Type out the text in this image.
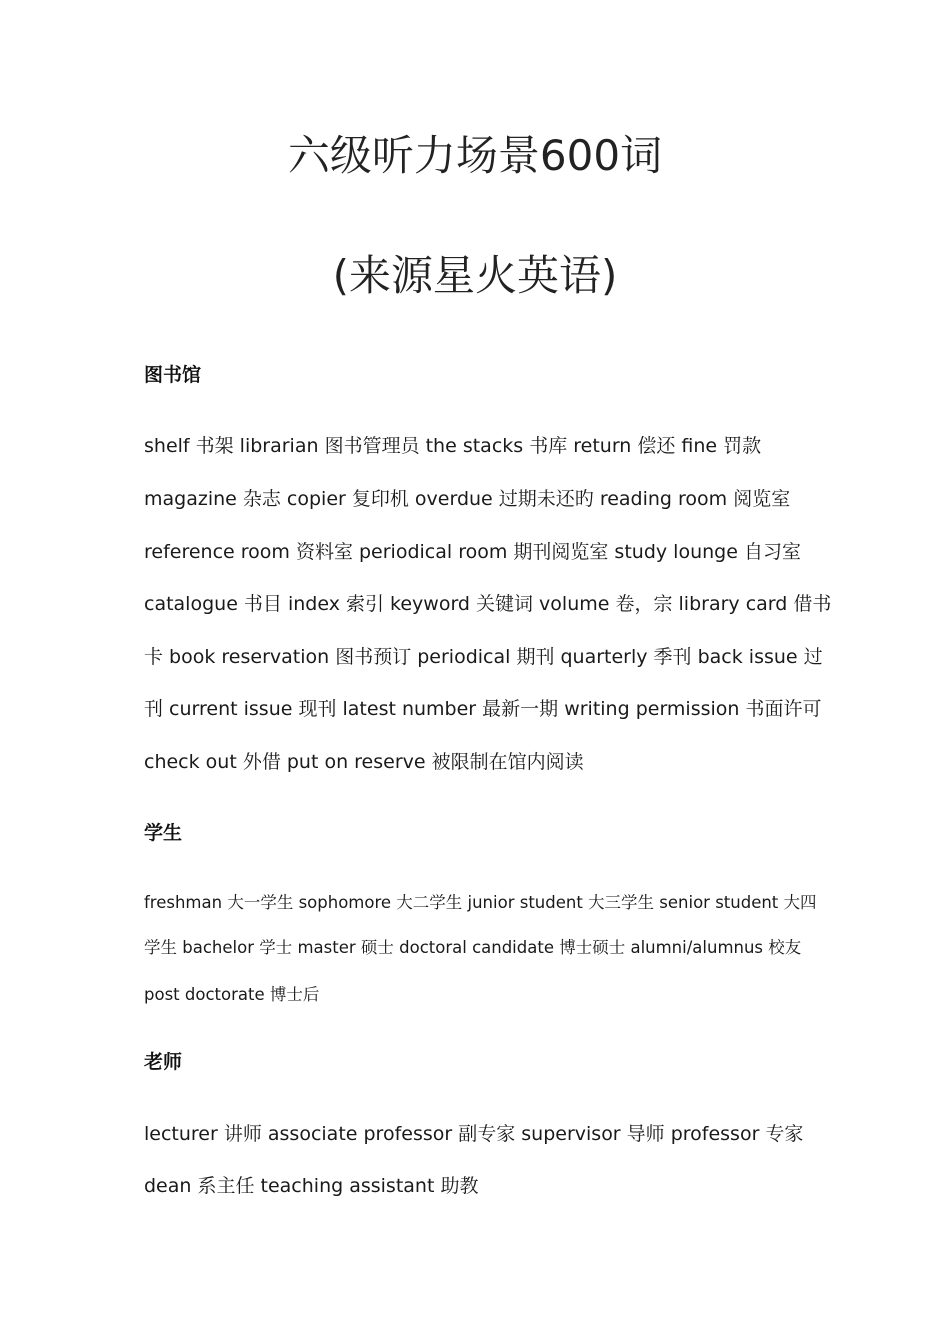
六级听力场景600词
(来源星火英语)
图书馆
shelf 书架 librarian 图书管理员 the stacks 书库 return 偿还 fine 罚款
magazine 杂志 copier 复印机 overdue 过期未还旳 reading room 阅览室
reference room 资料室 periodical room 期刊阅览室 study lounge 自习室
catalogue 书目 index 索引 keyword 关键词 volume 卷，宗 library card 借书
卡 book reservation 图书预订 periodical 期刊 quarterly 季刊 back issue 过
刊 current issue 现刊 latest number 最新一期 writing permission 书面许可
check out 外借 put on reserve 被限制在馆内阅读
学生
freshman 大一学生 sophomore 大二学生 junior student 大三学生 senior student 大四
学生 bachelor 学士 master 硕士 doctoral candidate 博士硕士 alumni/alumnus 校友
post doctorate 博士后
老师
lecturer 讲师 associate professor 副专家 supervisor 导师 professor 专家
dean 系主任 teaching assistant 助教
